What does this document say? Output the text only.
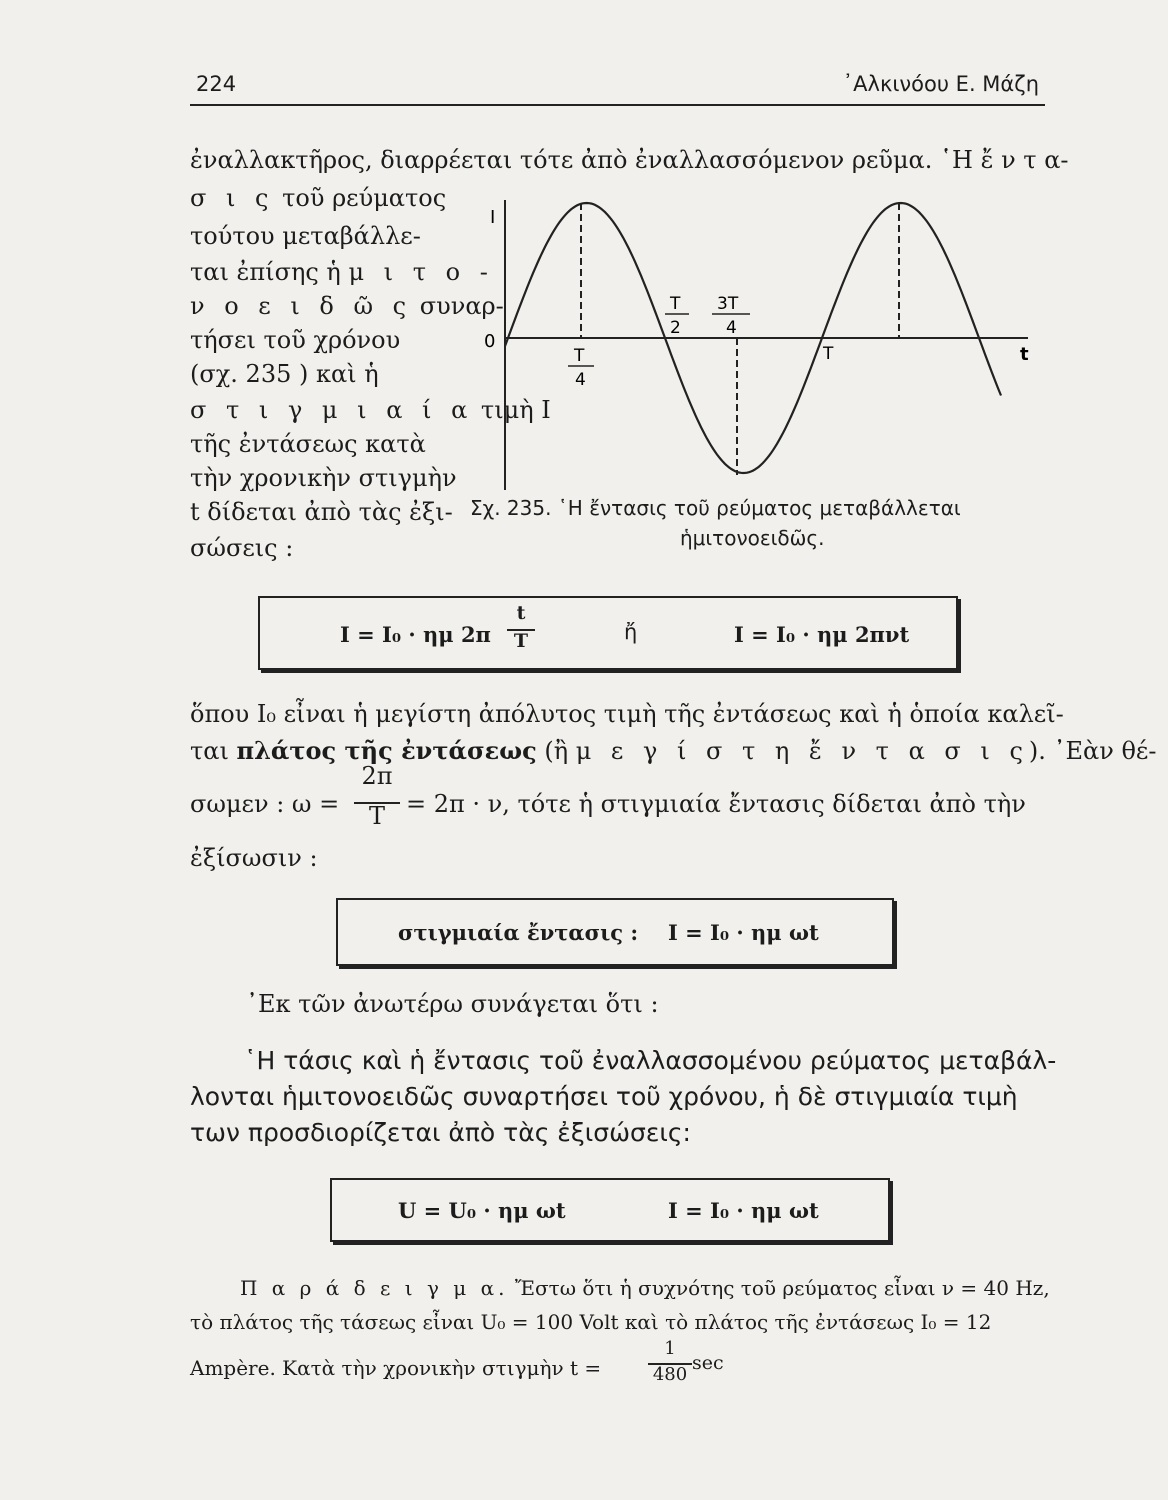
224	᾿Αλκινόου Ε. Μάζη
ἐναλλακτῆρος, διαρρέεται τότε ἀπὸ ἐναλλασσόμενον ρεῦμα. ῾Η ἔ ν τ α-
σ ι ς τοῦ ρεύματος
τούτου μεταβάλλε-
ται ἐπίσης ἡ μ ι τ ο -
ν ο ε ι δ ῶ ς συναρ-
τήσει τοῦ χρόνου
(σχ. 235 ) καὶ ἡ
σ τ ι γ μ ι α ί α τιμὴ I
τῆς ἐντάσεως κατὰ
τὴν χρονικὴν στιγμὴν
t δίδεται ἀπὸ τὰς ἐξι-
σώσεις :
I
0
t
T
4
T
2
3T
4
T
Σχ. 235. ῾Η ἔντασις τοῦ ρεύματος μεταβάλλεται
ἡμιτονοειδῶς.
I = I₀ · ημ 2π
t
T	ἤ	I = I₀ · ημ 2πνt
ὅπου I₀ εἶναι ἡ μεγίστη ἀπόλυτος τιμὴ τῆς ἐντάσεως καὶ ἡ ὁποία καλεῖ-
ται πλάτος τῆς ἐντάσεως (ἢ μ ε γ ί σ τ η ἔ ν τ α σ ι ς). ᾿Εὰν θέ-
σωμεν : ω =
2π
T = 2π · ν, τότε ἡ στιγμιαία ἔντασις δίδεται ἀπὸ τὴν
ἐξίσωσιν :
στιγμιαία ἔντασις : I = I₀ · ημ ωt
᾿Εκ τῶν ἀνωτέρω συνάγεται ὅτι :
῾Η τάσις καὶ ἡ ἔντασις τοῦ ἐναλλασσομένου ρεύματος μεταβάλ-
λονται ἡμιτονοειδῶς συναρτήσει τοῦ χρόνου, ἡ δὲ στιγμιαία τιμὴ
των προσδιορίζεται ἀπὸ τὰς ἐξισώσεις:
U = U₀ · ημ ωt	I = I₀ · ημ ωt
Π α ρ ά δ ε ι γ μ α. Ἔστω ὅτι ἡ συχνότης τοῦ ρεύματος εἶναι ν = 40 Hz,
τὸ πλάτος τῆς τάσεως εἶναι U₀ = 100 Volt καὶ τὸ πλάτος τῆς ἐντάσεως I₀ = 12
Ampère. Κατὰ τὴν χρονικὴν στιγμὴν t =
1
480
sec
